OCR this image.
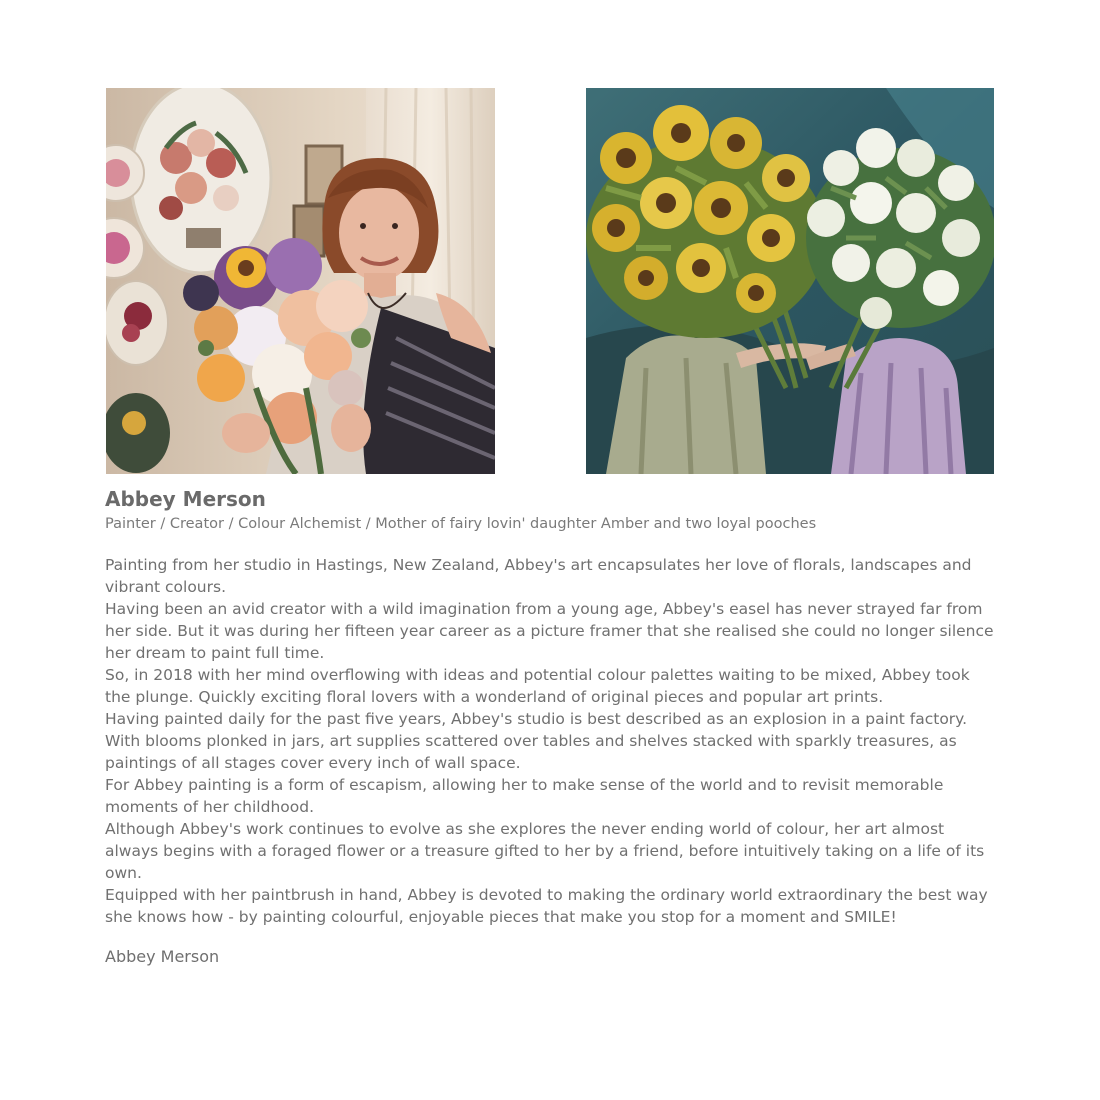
Abbey Merson

Painter / Creator / Colour Alchemist / Mother of fairy lovin' daughter Amber and two loyal pooches

Painting from her studio in Hastings, New Zealand, Abbey's art encapsulates her love of florals, landscapes and vibrant colours.

Having been an avid creator with a wild imagination from a young age, Abbey's easel has never strayed far from her side. But it was during her fifteen year career as a picture framer that she realised she could no longer silence her dream to paint full time.

So, in 2018 with her mind overflowing with ideas and potential colour palettes waiting to be mixed, Abbey took the plunge. Quickly exciting floral lovers with a wonderland of original pieces and popular art prints.

Having painted daily for the past five years, Abbey's studio is best described as an explosion in a paint factory. With blooms plonked in jars, art supplies scattered over tables and shelves stacked with sparkly treasures, as paintings of all stages cover every inch of wall space.

For Abbey painting is a form of escapism, allowing her to make sense of the world and to revisit memorable moments of her childhood.

Although Abbey's work continues to evolve as she explores the never ending world of colour, her art almost always begins with a foraged flower or a treasure gifted to her by a friend, before intuitively taking on a life of its own.

Equipped with her paintbrush in hand, Abbey is devoted to making the ordinary world extraordinary the best way she knows how - by painting colourful, enjoyable pieces that make you stop for a moment and SMILE!

Abbey Merson
